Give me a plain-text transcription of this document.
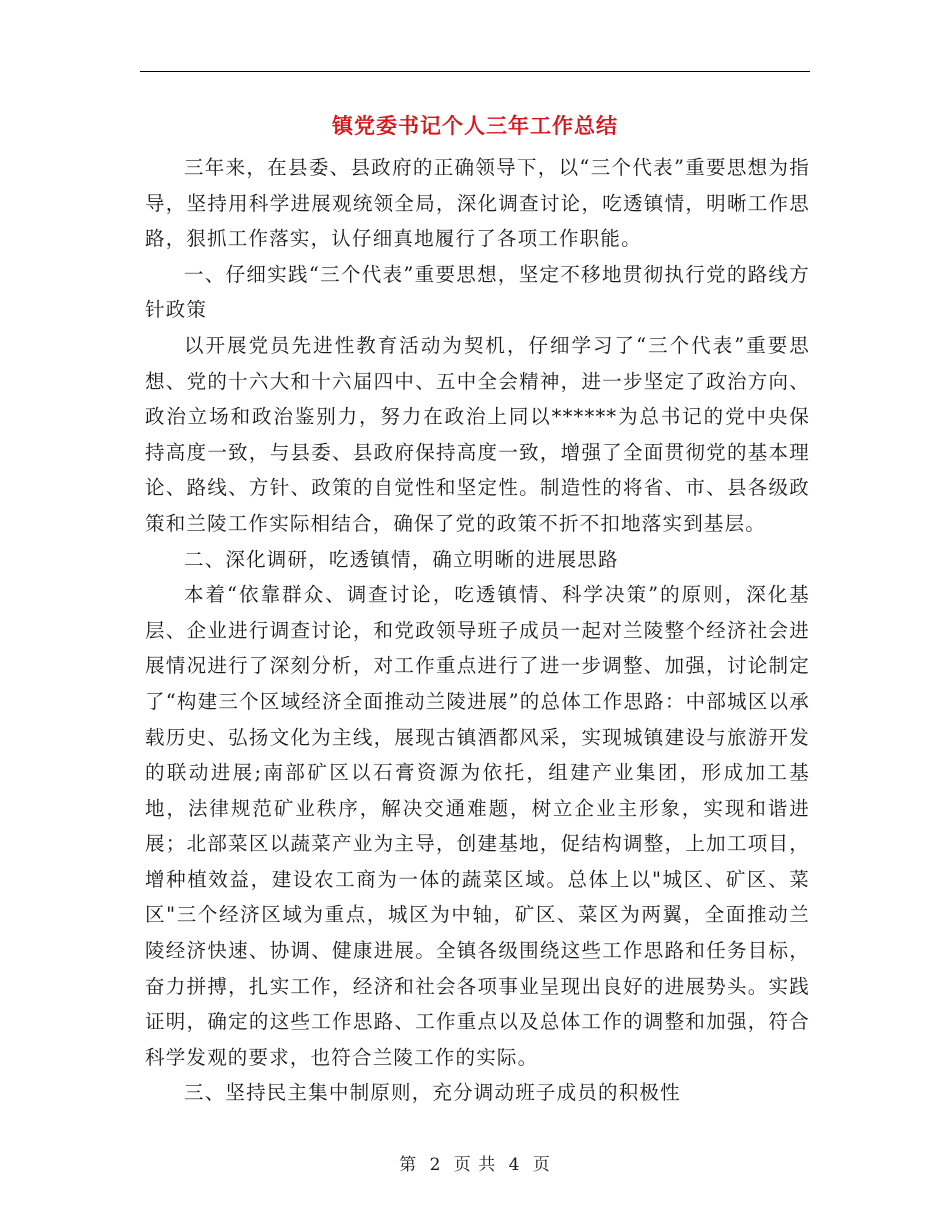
镇党委书记个人三年工作总结

三年来，在县委、县政府的正确领导下，以“三个代表”重要思想为指导，坚持用科学进展观统领全局，深化调查讨论，吃透镇情，明晰工作思路，狠抓工作落实，认仔细真地履行了各项工作职能。

一、仔细实践“三个代表”重要思想，坚定不移地贯彻执行党的路线方针政策

以开展党员先进性教育活动为契机，仔细学习了“三个代表”重要思想、党的十六大和十六届四中、五中全会精神，进一步坚定了政治方向、政治立场和政治鉴别力，努力在政治上同以******为总书记的党中央保持高度一致，与县委、县政府保持高度一致，增强了全面贯彻党的基本理论、路线、方针、政策的自觉性和坚定性。制造性的将省、市、县各级政策和兰陵工作实际相结合，确保了党的政策不折不扣地落实到基层。

二、深化调研，吃透镇情，确立明晰的进展思路

本着“依靠群众、调查讨论，吃透镇情、科学决策”的原则，深化基层、企业进行调查讨论，和党政领导班子成员一起对兰陵整个经济社会进展情况进行了深刻分析，对工作重点进行了进一步调整、加强，讨论制定了“构建三个区域经济全面推动兰陵进展”的总体工作思路：中部城区以承载历史、弘扬文化为主线，展现古镇酒都风采，实现城镇建设与旅游开发的联动进展;南部矿区以石膏资源为依托，组建产业集团，形成加工基地，法律规范矿业秩序，解决交通难题，树立企业主形象，实现和谐进展；北部菜区以蔬菜产业为主导，创建基地，促结构调整，上加工项目，增种植效益，建设农工商为一体的蔬菜区域。总体上以"城区、矿区、菜区"三个经济区域为重点，城区为中轴，矿区、菜区为两翼，全面推动兰陵经济快速、协调、健康进展。全镇各级围绕这些工作思路和任务目标，奋力拼搏，扎实工作，经济和社会各项事业呈现出良好的进展势头。实践证明，确定的这些工作思路、工作重点以及总体工作的调整和加强，符合科学发观的要求，也符合兰陵工作的实际。

三、坚持民主集中制原则，充分调动班子成员的积极性

第 2 页 共 4 页
